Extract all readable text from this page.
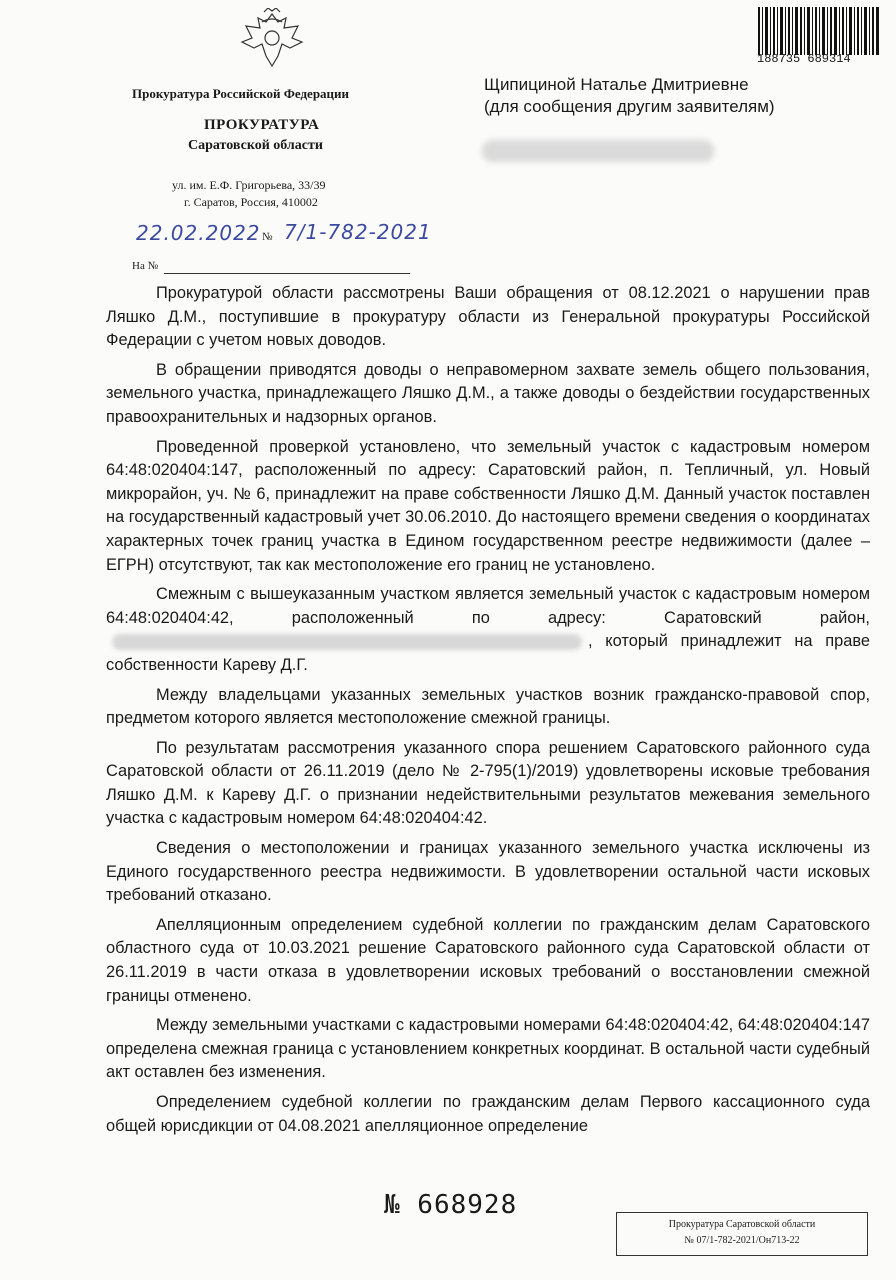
Прокуратура Российской Федерации
ПРОКУРАТУРА
Саратовской области
ул. им. Е.Ф. Григорьева, 33/39
г. Саратов, Россия, 410002
22.02.2022 № 7/1-782-2021
На №
Щипициной Наталье Дмитриевне
(для сообщения другим заявителям)
188735 689314

Прокуратурой области рассмотрены Ваши обращения от 08.12.2021 о нарушении прав Ляшко Д.М., поступившие в прокуратуру области из Генеральной прокуратуры Российской Федерации с учетом новых доводов.

В обращении приводятся доводы о неправомерном захвате земель общего пользования, земельного участка, принадлежащего Ляшко Д.М., а также доводы о бездействии государственных правоохранительных и надзорных органов.

Проведенной проверкой установлено, что земельный участок с кадастровым номером 64:48:020404:147, расположенный по адресу: Саратовский район, п. Тепличный, ул. Новый микрорайон, уч. № 6, принадлежит на праве собственности Ляшко Д.М. Данный участок поставлен на государственный кадастровый учет 30.06.2010. До настоящего времени сведения о координатах характерных точек границ участка в Едином государственном реестре недвижимости (далее – ЕГРН) отсутствуют, так как местоположение его границ не установлено.

Смежным с вышеуказанным участком является земельный участок с кадастровым номером 64:48:020404:42, расположенный по адресу: Саратовский район,, который принадлежит на праве собственности Кареву Д.Г.

Между владельцами указанных земельных участков возник гражданско-правовой спор, предметом которого является местоположение смежной границы.

По результатам рассмотрения указанного спора решением Саратовского районного суда Саратовской области от 26.11.2019 (дело № 2-795(1)/2019) удовлетворены исковые требования Ляшко Д.М. к Кареву Д.Г. о признании недействительными результатов межевания земельного участка с кадастровым номером 64:48:020404:42.

Сведения о местоположении и границах указанного земельного участка исключены из Единого государственного реестра недвижимости. В удовлетворении остальной части исковых требований отказано.

Апелляционным определением судебной коллегии по гражданским делам Саратовского областного суда от 10.03.2021 решение Саратовского районного суда Саратовской области от 26.11.2019 в части отказа в удовлетворении исковых требований о восстановлении смежной границы отменено.

Между земельными участками с кадастровыми номерами 64:48:020404:42, 64:48:020404:147 определена смежная граница с установлением конкретных координат. В остальной части судебный акт оставлен без изменения.

Определением судебной коллегии по гражданским делам Первого кассационного суда общей юрисдикции от 04.08.2021 апелляционное определение

№ 668928
Прокуратура Саратовской области
№ 07/1-782-2021/Он713-22
